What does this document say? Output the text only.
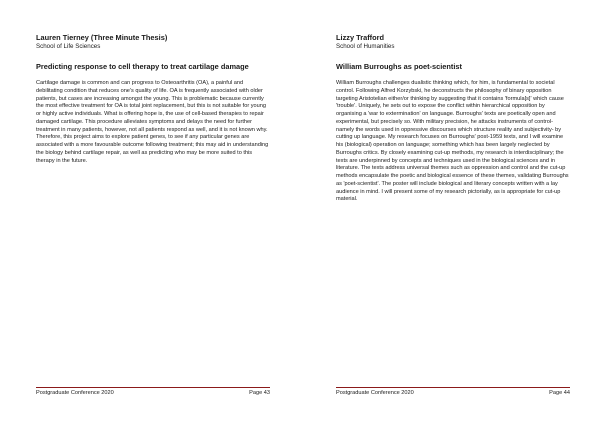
Lauren Tierney (Three Minute Thesis)
School of Life Sciences
Predicting response to cell therapy to treat cartilage damage
Cartilage damage is common and can progress to Osteoarthritis (OA), a painful and debilitating condition that reduces one's quality of life. OA is frequently associated with older patients, but cases are increasing amongst the young. This is problematic because currently the most effective treatment for OA is total joint replacement, but this is not suitable for young or highly active individuals. What is offering hope is, the use of cell-based therapies to repair damaged cartilage. This procedure alleviates symptoms and delays the need for further treatment in many patients, however, not all patients respond as well, and it is not known why. Therefore, this project aims to explore patient genes, to see if any particular genes are associated with a more favourable outcome following treatment; this may aid in understanding the biology behind cartilage repair, as well as predicting who may be more suited to this therapy in the future.
Postgraduate Conference 2020	Page 43
Lizzy Trafford
School of Humanities
William Burroughs as poet-scientist
William Burroughs challenges dualistic thinking which, for him, is fundamental to societal control. Following Alfred Korzybski, he deconstructs the philosophy of binary opposition targeting Aristotelian either/or thinking by suggesting that it contains 'formula[s]' which cause 'trouble'. Uniquely, he sets out to expose the conflict within hierarchical opposition by organising a 'war to extermination' on language. Burroughs' texts are poetically open and experimental, but precisely so. With military precision, he attacks instruments of control- namely the words used in oppressive discourses which structure reality and subjectivity- by cutting up language. My research focuses on Burroughs' post-1959 texts, and I will examine his (biological) operation on language; something which has been largely neglected by Burroughs critics. By closely examining cut-up methods, my research is interdisciplinary; the texts are underpinned by concepts and techniques used in the biological sciences and in literature. The texts address universal themes such as oppression and control and the cut-up methods encapsulate the poetic and biological essence of these themes, validating Burroughs as 'poet-scientist'. The poster will include biological and literary concepts written with a lay audience in mind. I will present some of my research pictorially, as is appropriate for cut-up material.
Postgraduate Conference 2020	Page 44
